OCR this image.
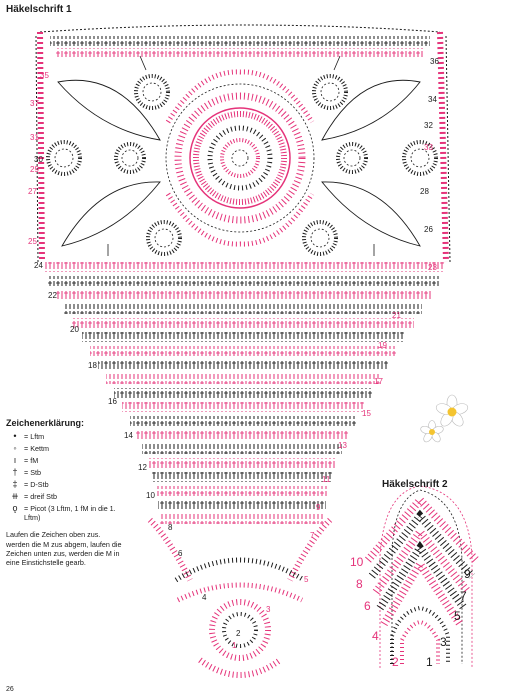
Häkelschrift 1
22
20
18
16
14
12
10
8
6
4
2
24
30
32
34
36
28
26
21
19
17
15
13
11
9
7
5
3
1
23
25
27
29
31
33
35
37
10
8
6
4
2
9
7
5
3
1
Häkelschrift 2
Zeichenerklärung:
•	= Lftm
◦	= Kettm
ı	= fM
† = Stb
‡ = D-Stb
⧺ = dreif Stb
ǫ = Picot (3 Lftm, 1 fM in die 1. Lftm)
Laufen die Zeichen oben zus. werden die M zus abgem, laufen die Zeichen unten zus, werden die M in eine Einstichstelle gearb.
26
